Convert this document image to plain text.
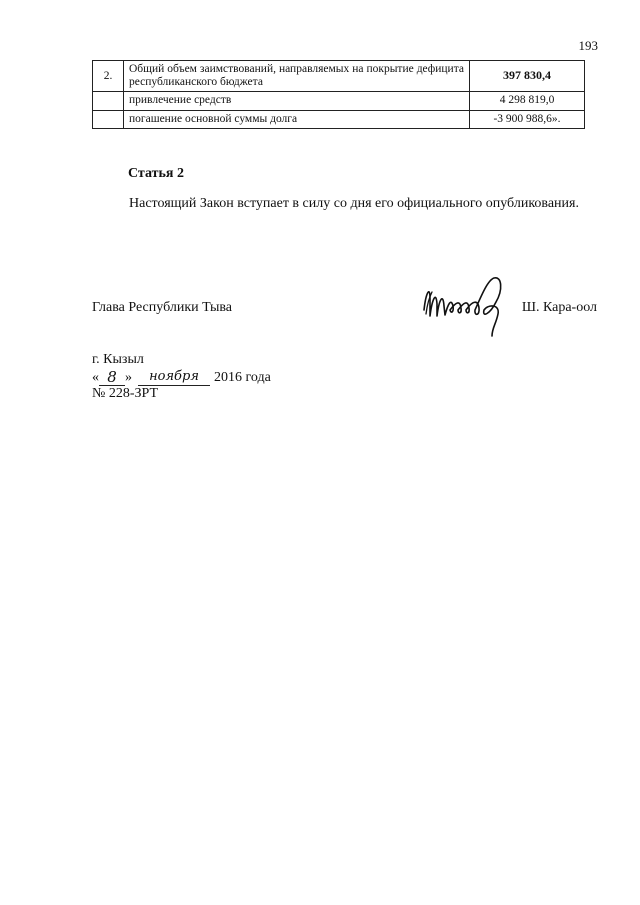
193
2.	Общий объем заимствований, направляемых на покрытие дефицита республиканского бюджета	397 830,4
	привлечение средств	4 298 819,0
	погашение основной суммы долга	-3 900 988,6».
Статья 2
Настоящий Закон вступает в силу со дня его официального опубликования.
Глава Республики Тыва	Ш. Кара-оол
г. Кызыл
« 8 »	ноября	2016 года
№ 228-ЗРТ
